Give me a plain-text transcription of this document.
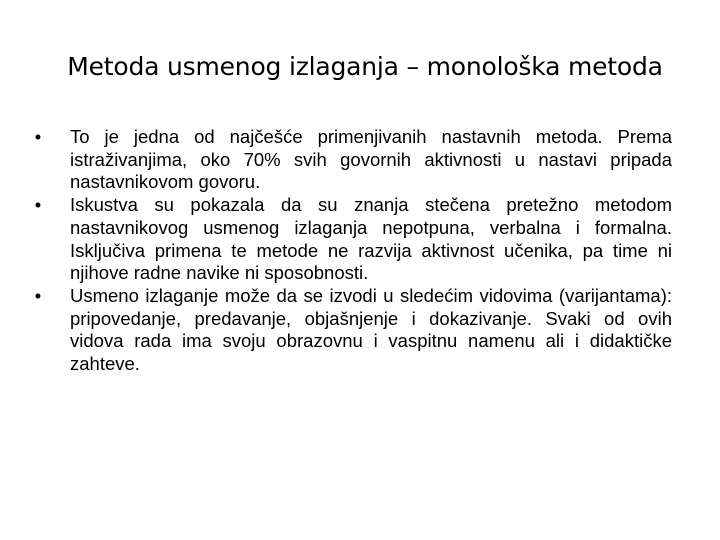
Metoda usmenog izlaganja – monološka metoda
• To je jedna od najčešće primenjivanih nastavnih metoda. Prema istraživanjima, oko 70% svih govornih aktivnosti u nastavi pripada nastavnikovom govoru.
• Iskustva su pokazala da su znanja stečena pretežno metodom nastavnikovog usmenog izlaganja nepotpuna, verbalna i formalna. Isključiva primena te metode ne razvija aktivnost učenika, pa time ni njihove radne navike ni sposobnosti.
• Usmeno izlaganje može da se izvodi u sledećim vidovima (varijantama): pripovedanje, predavanje, objašnjenje i dokazivanje. Svaki od ovih vidova rada ima svoju obrazovnu i vaspitnu namenu ali i didaktičke zahteve.
